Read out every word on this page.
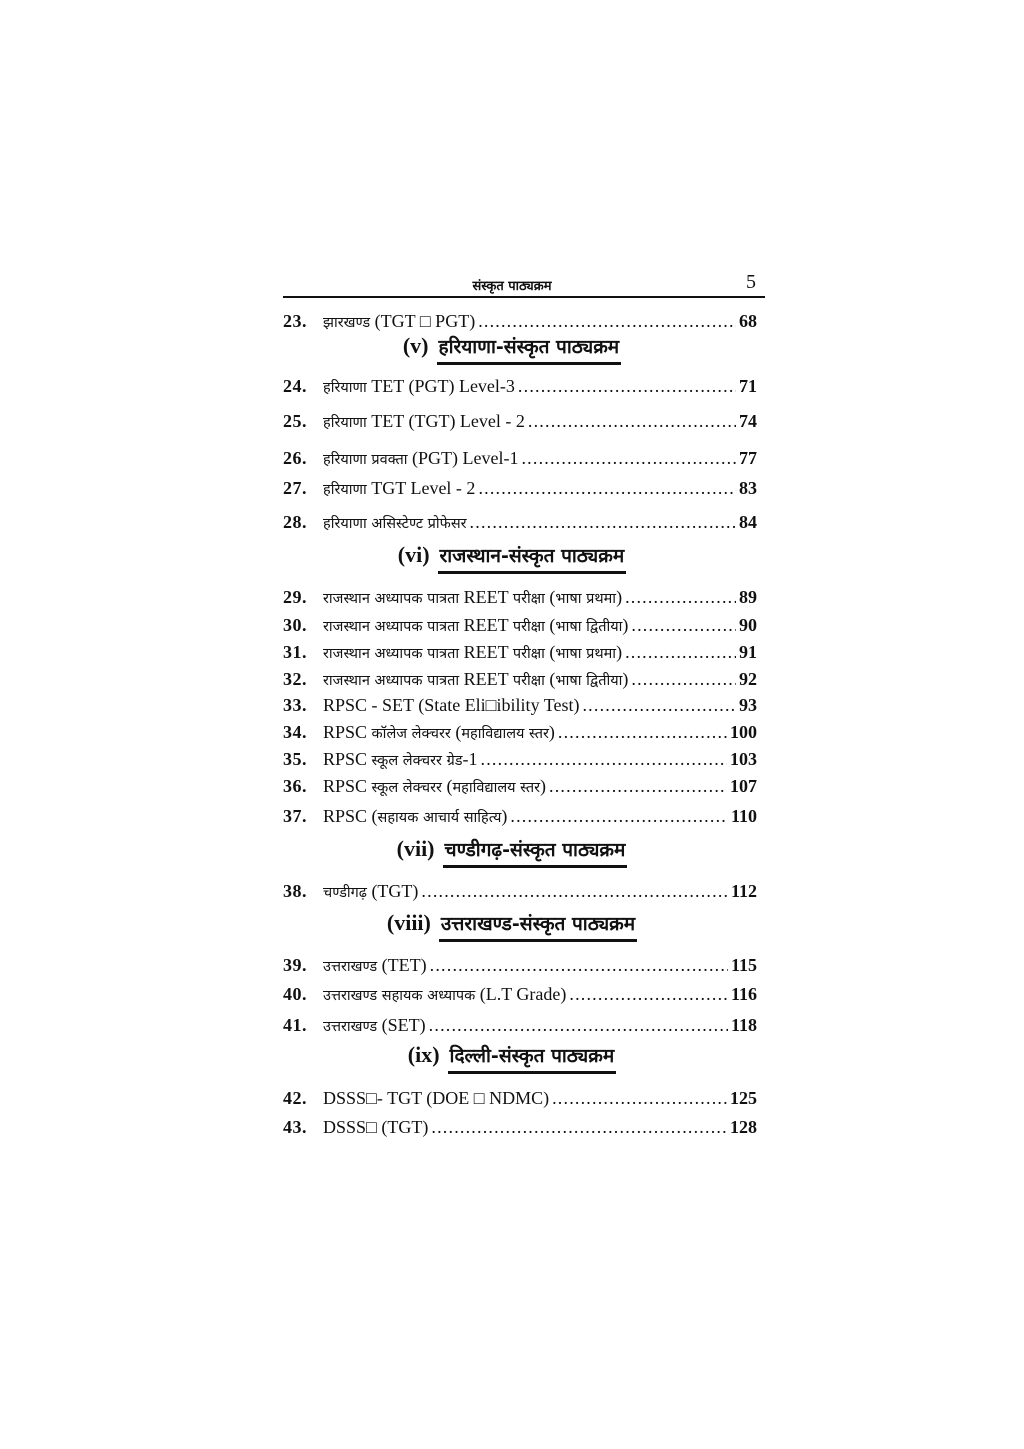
संस्कृत पाठ्यक्रम	5
23.	झारखण्ड (TGT □ PGT) .....	68
24.	हरियाणा TET (PGT) Level-3 .....	71
25.	हरियाणा TET (TGT) Level - 2 .....	74
26.	हरियाणा प्रवक्ता (PGT) Level-1 .....	77
27.	हरियाणा TGT Level - 2 .....	83
28.	हरियाणा असिस्टेण्ट प्रोफेसर .....	84
29.	राजस्थान अध्यापक पात्रता REET परीक्षा (भाषा प्रथमा) .....	89
30.	राजस्थान अध्यापक पात्रता REET परीक्षा (भाषा द्वितीया) .....	90
31.	राजस्थान अध्यापक पात्रता REET परीक्षा (भाषा प्रथमा) .....	91
32.	राजस्थान अध्यापक पात्रता REET परीक्षा (भाषा द्वितीया) .....	92
33. RPSC - SET (State Eli□ibility Test) .....	93
34. RPSC कॉलेज लेक्चरर (महाविद्यालय स्तर) .....	100
35. RPSC स्कूल लेक्चरर ग्रेड-1 .....	103
36. RPSC स्कूल लेक्चरर (महाविद्यालय स्तर) .....	107
37. RPSC (सहायक आचार्य साहित्य) .....	110
38.	चण्डीगढ़ (TGT) .....	112
39.	उत्तराखण्ड (TET) .....	115
40.	उत्तराखण्ड सहायक अध्यापक (L.T Grade) .....	116
41.	उत्तराखण्ड (SET) .....	118
42. DSSS□- TGT (DOE □ NDMC) .....	125
43. DSSS□ (TGT) .....	128
(v) हरियाणा-संस्कृत पाठ्यक्रम
(vi) राजस्थान-संस्कृत पाठ्यक्रम
(vii) चण्डीगढ़-संस्कृत पाठ्यक्रम
(viii) उत्तराखण्ड-संस्कृत पाठ्यक्रम
(ix) दिल्ली-संस्कृत पाठ्यक्रम
